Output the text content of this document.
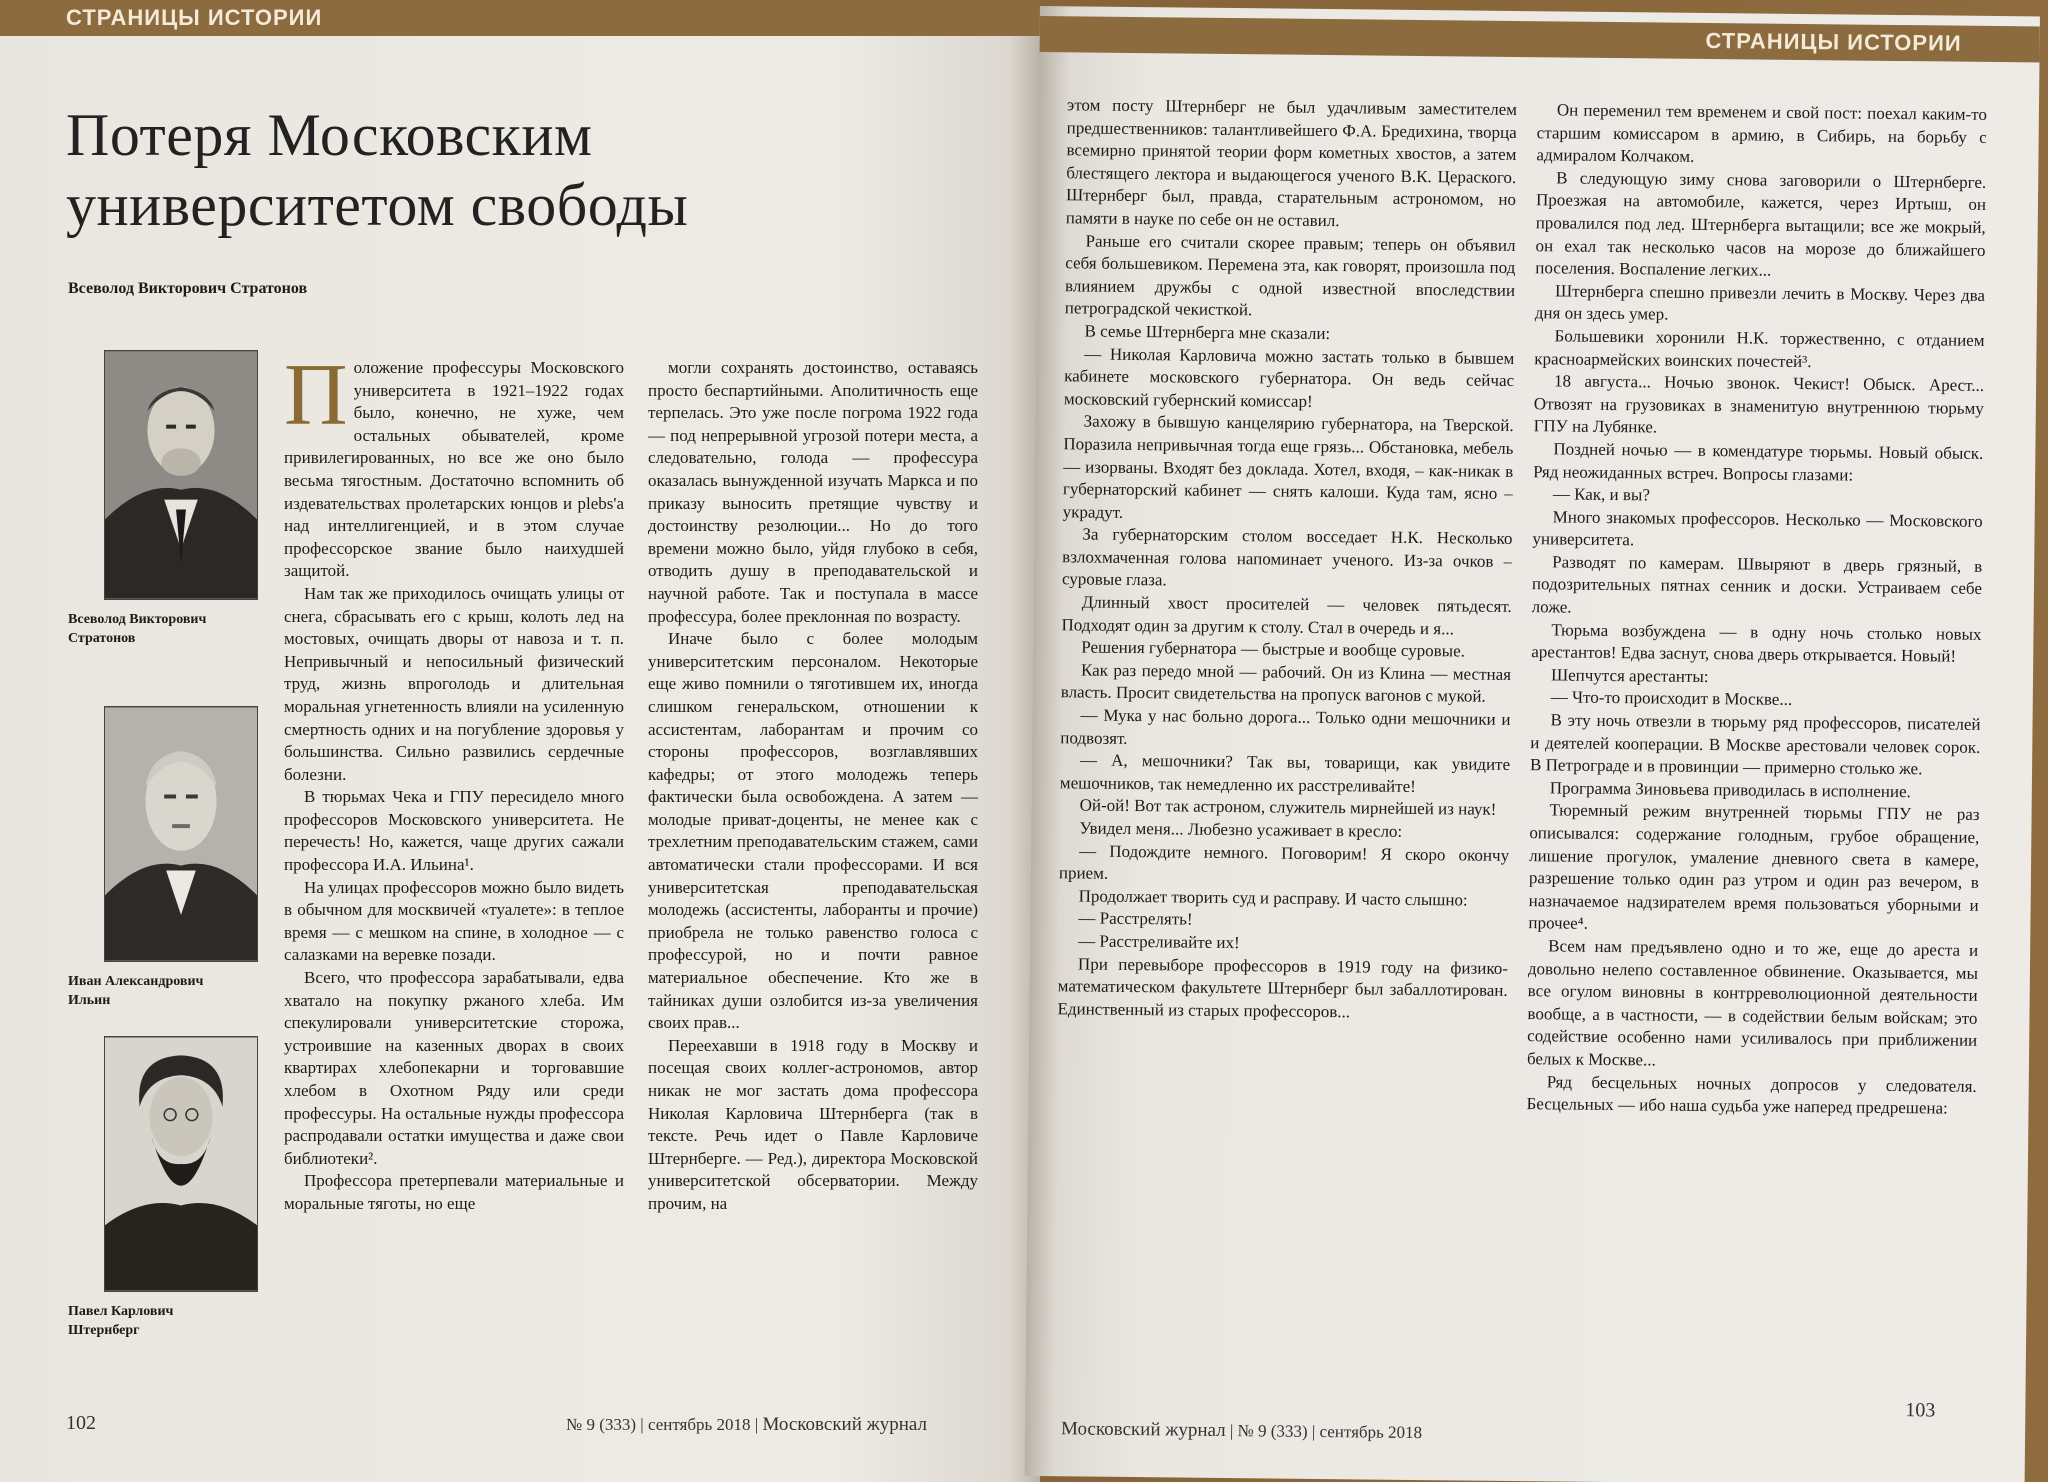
СТРАНИЦЫ ИСТОРИИ
Потеря Московским
университетом свободы
Всеволод Викторович Стратонов
Всеволод Викторович
Стратонов
Иван Александрович
Ильин
Павел Карлович
Штернберг

Положение профессуры Московского университета в 1921–1922 годах было, конечно, не хуже, чем остальных обывателей, кроме привилегированных, но все же оно было весьма тягостным. Достаточно вспомнить об издевательствах пролетарских юнцов и plebs'а над интеллигенцией, и в этом случае профессорское звание было наихудшей защитой.

Нам так же приходилось очищать улицы от снега, сбрасывать его с крыш, колоть лед на мостовых, очищать дворы от навоза и т. п. Непривычный и непосильный физический труд, жизнь впроголодь и длительная моральная угнетенность влияли на усиленную смертность одних и на погубление здоровья у большинства. Сильно развились сердечные болезни.

В тюрьмах Чека и ГПУ пересидело много профессоров Московского университета. Не перечесть! Но, кажется, чаще других сажали профессора И.А. Ильина¹.

На улицах профессоров можно было видеть в обычном для москвичей «туалете»: в теплое время — с мешком на спине, в холодное — с салазками на веревке позади.

Всего, что профессора зарабатывали, едва хватало на покупку ржаного хлеба. Им спекулировали университетские сторожа, устроившие на казенных дворах в своих квартирах хлебопекарни и торговавшие хлебом в Охотном Ряду или среди профессуры. На остальные нужды профессора распродавали остатки имущества и даже свои библиотеки².

Профессора претерпевали материальные и моральные тяготы, но еще

могли сохранять достоинство, оставаясь просто беспартийными. Аполитичность еще терпелась. Это уже после погрома 1922 года — под непрерывной угрозой потери места, а следовательно, голода — профессура оказалась вынужденной изучать Маркса и по приказу выносить претящие чувству и достоинству резолюции... Но до того времени можно было, уйдя глубоко в себя, отводить душу в преподавательской и научной работе. Так и поступала в массе профессура, более преклонная по возрасту.

Иначе было с более молодым университетским персоналом. Некоторые еще живо помнили о тяготившем их, иногда слишком генеральском, отношении к ассистентам, лаборантам и прочим со стороны профессоров, возглавлявших кафедры; от этого молодежь теперь фактически была освобождена. А затем — молодые приват-доценты, не менее как с трехлетним преподавательским стажем, сами автоматически стали профессорами. И вся университетская преподавательская молодежь (ассистенты, лаборанты и прочие) приобрела не только равенство голоса с профессурой, но и почти равное материальное обеспечение. Кто же в тайниках души озлобится из-за увеличения своих прав...

Переехавши в 1918 году в Москву и посещая своих коллег-астрономов, автор никак не мог застать дома профессора Николая Карловича Штернберга (так в тексте. Речь идет о Павле Карловиче Штернберге. — Ред.), директора Московской университетской обсерватории. Между прочим, на

102	№ 9 (333) | сентябрь 2018 | Московский журнал
СТРАНИЦЫ ИСТОРИИ

этом посту Штернберг не был удачливым заместителем предшественников: талантливейшего Ф.А. Бредихина, творца всемирно принятой теории форм кометных хвостов, а затем блестящего лектора и выдающегося ученого В.К. Цераского. Штернберг был, правда, старательным астрономом, но памяти в науке по себе он не оставил.

Раньше его считали скорее правым; теперь он объявил себя большевиком. Перемена эта, как говорят, произошла под влиянием дружбы с одной известной впоследствии петроградской чекисткой.

В семье Штернберга мне сказали:

— Николая Карловича можно застать только в бывшем кабинете московского губернатора. Он ведь сейчас московский губернский комиссар!

Захожу в бывшую канцелярию губернатора, на Тверской. Поразила непривычная тогда еще грязь... Обстановка, мебель — изорваны. Входят без доклада. Хотел, входя, – как-никак в губернаторский кабинет — снять калоши. Куда там, ясно – украдут.

За губернаторским столом восседает Н.К. Несколько взлохмаченная голова напоминает ученого. Из-за очков – суровые глаза.

Длинный хвост просителей — человек пятьдесят. Подходят один за другим к столу. Стал в очередь и я...

Решения губернатора — быстрые и вообще суровые.

Как раз передо мной — рабочий. Он из Клина — местная власть. Просит свидетельства на пропуск вагонов с мукой.

— Мука у нас больно дорога... Только одни мешочники и подвозят.

— А, мешочники? Так вы, товарищи, как увидите мешочников, так немедленно их расстреливайте!

Ой-ой! Вот так астроном, служитель мирнейшей из наук!

Увидел меня... Любезно усаживает в кресло:

— Подождите немного. Поговорим! Я скоро окончу прием.

Продолжает творить суд и расправу. И часто слышно:

— Расстрелять!

— Расстреливайте их!

При перевыборе профессоров в 1919 году на физико-математическом факультете Штернберг был забаллотирован. Единственный из старых профессоров...

Он переменил тем временем и свой пост: поехал каким-то старшим комиссаром в армию, в Сибирь, на борьбу с адмиралом Колчаком.

В следующую зиму снова заговорили о Штернберге. Проезжая на автомобиле, кажется, через Иртыш, он провалился под лед. Штернберга вытащили; все же мокрый, он ехал так несколько часов на морозе до ближайшего поселения. Воспаление легких...

Штернберга спешно привезли лечить в Москву. Через два дня он здесь умер.

Большевики хоронили Н.К. торжественно, с отданием красноармейских воинских почестей³.

18 августа... Ночью звонок. Чекист! Обыск. Арест... Отвозят на грузовиках в знаменитую внутреннюю тюрьму ГПУ на Лубянке.

Поздней ночью — в комендатуре тюрьмы. Новый обыск. Ряд неожиданных встреч. Вопросы глазами:

— Как, и вы?

Много знакомых профессоров. Несколько — Московского университета.

Разводят по камерам. Швыряют в дверь грязный, в подозрительных пятнах сенник и доски. Устраиваем себе ложе.

Тюрьма возбуждена — в одну ночь столько новых арестантов! Едва заснут, снова дверь открывается. Новый!

Шепчутся арестанты:

— Что-то происходит в Москве...

В эту ночь отвезли в тюрьму ряд профессоров, писателей и деятелей кооперации. В Москве арестовали человек сорок. В Петрограде и в провинции — примерно столько же.

Программа Зиновьева приводилась в исполнение.

Тюремный режим внутренней тюрьмы ГПУ не раз описывался: содержание голодным, грубое обращение, лишение прогулок, умаление дневного света в камере, разрешение только один раз утром и один раз вечером, в назначаемое надзирателем время пользоваться уборными и прочее⁴.

Всем нам предъявлено одно и то же, еще до ареста и довольно нелепо составленное обвинение. Оказывается, мы все огулом виновны в контрреволюционной деятельности вообще, а в частности, — в содействии белым войскам; это содействие особенно нами усиливалось при приближении белых к Москве...

Ряд бесцельных ночных допросов у следователя. Бесцельных — ибо наша судьба уже напеpед предрешена:

Московский журнал | № 9 (333) | сентябрь 2018
103
